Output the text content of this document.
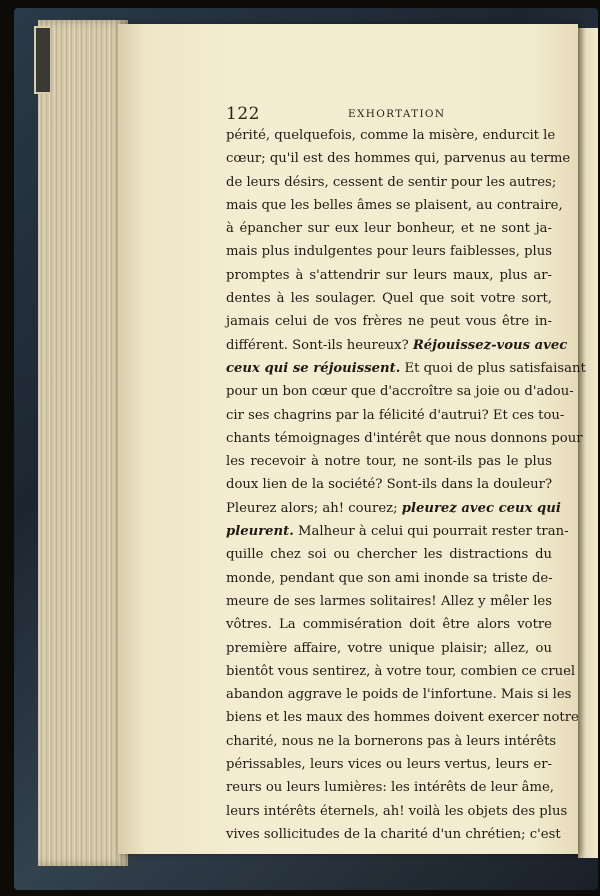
122	EXHORTATION
périté, quelquefois, comme la misère, endurcit le
cœur; qu'il est des hommes qui, parvenus au terme
de leurs désirs, cessent de sentir pour les autres;
mais que les belles âmes se plaisent, au contraire,
à épancher sur eux leur bonheur, et ne sont ja-
mais plus indulgentes pour leurs faiblesses, plus
promptes à s'attendrir sur leurs maux, plus ar-
dentes à les soulager. Quel que soit votre sort,
jamais celui de vos frères ne peut vous être in-
différent. Sont-ils heureux? Réjouissez-vous avec
ceux qui se réjouissent. Et quoi de plus satisfaisant
pour un bon cœur que d'accroître sa joie ou d'adou-
cir ses chagrins par la félicité d'autrui? Et ces tou-
chants témoignages d'intérêt que nous donnons pour
les recevoir à notre tour, ne sont-ils pas le plus
doux lien de la société? Sont-ils dans la douleur?
Pleurez alors; ah! courez; pleurez avec ceux qui
pleurent. Malheur à celui qui pourrait rester tran-
quille chez soi ou chercher les distractions du
monde, pendant que son ami inonde sa triste de-
meure de ses larmes solitaires! Allez y mêler les
vôtres. La commisération doit être alors votre
première affaire, votre unique plaisir; allez, ou
bientôt vous sentirez, à votre tour, combien ce cruel
abandon aggrave le poids de l'infortune. Mais si les
biens et les maux des hommes doivent exercer notre
charité, nous ne la bornerons pas à leurs intérêts
périssables, leurs vices ou leurs vertus, leurs er-
reurs ou leurs lumières: les intérêts de leur âme,
leurs intérêts éternels, ah! voilà les objets des plus
vives sollicitudes de la charité d'un chrétien; c'est
